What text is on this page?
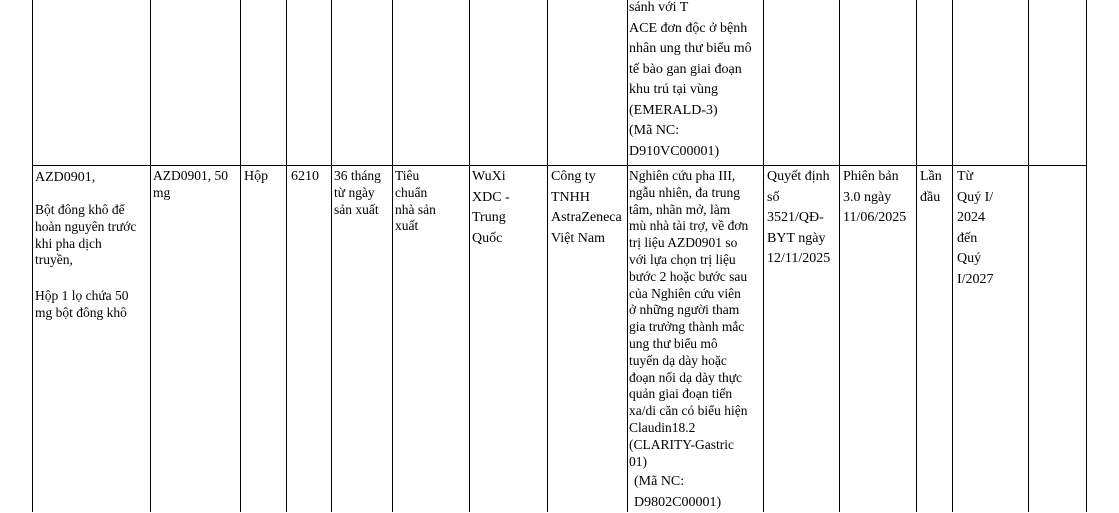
sánh với T
ACE đơn độc ở bệnh
nhân ung thư biểu mô
tế bào gan giai đoạn
khu trú tại vùng
(EMERALD-3)
(Mã NC:
D910VC00001)
AZD0901,
Bột đông khô để
hoàn nguyên trước
khi pha dịch
truyền,
Hộp 1 lọ chứa 50
mg bột đông khô
AZD0901, 50
mg
Hộp	6210	36 tháng
từ ngày
sản xuất
Tiêu
chuẩn
nhà sản
xuất
WuXi
XDC -
Trung
Quốc
Công ty
TNHH
AstraZeneca
Việt Nam
Nghiên cứu pha III,
ngẫu nhiên, đa trung
tâm, nhãn mở, làm
mù nhà tài trợ, về đơn
trị liệu AZD0901 so
với lựa chọn trị liệu
bước 2 hoặc bước sau
của Nghiên cứu viên
ở những người tham
gia trưởng thành mắc
ung thư biểu mô
tuyến dạ dày hoặc
đoạn nối dạ dày thực
quản giai đoạn tiến
xa/di căn có biểu hiện
Claudin18.2
(CLARITY-Gastric
01)
(Mã NC:
D9802C00001)
Quyết định
số
3521/QĐ-
BYT ngày
12/11/2025
Phiên bản
3.0 ngày
11/06/2025
Lần
đầu
Từ
Quý I/
2024
đến
Quý
I/2027
